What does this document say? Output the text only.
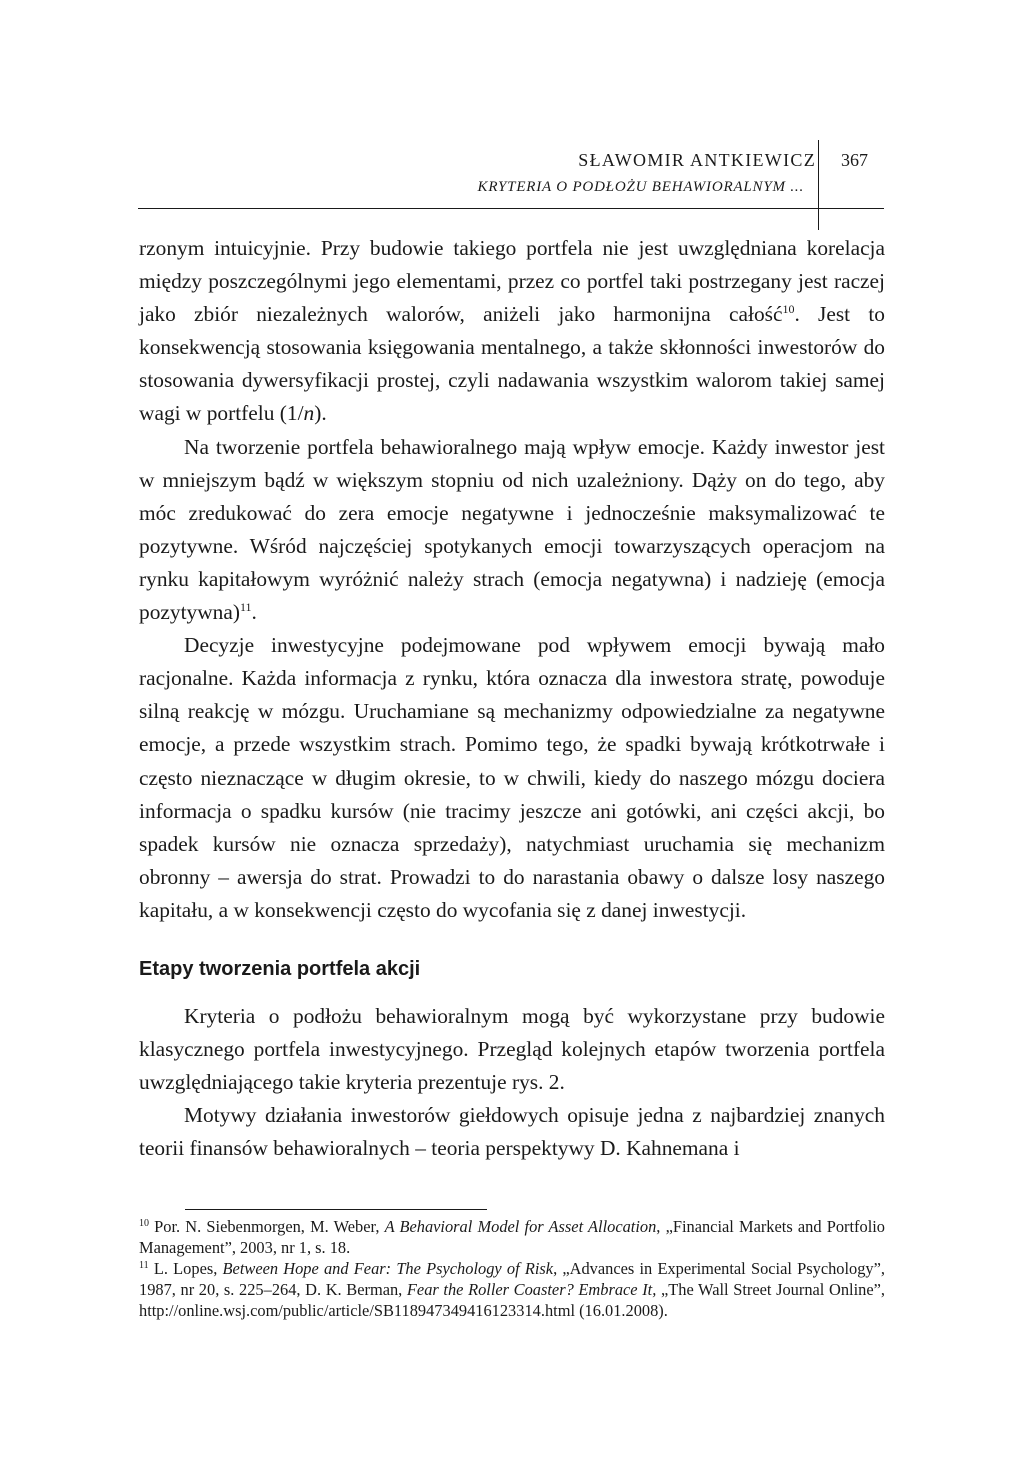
SŁAWOMIR ANTKIEWICZ
KRYTERIA O PODŁOŻU BEHAWIORALNYM ...
367

rzonym intuicyjnie. Przy budowie takiego portfela nie jest uwzględniana korelacja między poszczególnymi jego elementami, przez co portfel taki postrzegany jest raczej jako zbiór niezależnych walorów, aniżeli jako harmonijna całość$^{10}$. Jest to konsekwencją stosowania księgowania mentalnego, a także skłonności inwestorów do stosowania dywersyfikacji prostej, czyli nadawania wszystkim walorom takiej samej wagi w portfelu (1/n).

Na tworzenie portfela behawioralnego mają wpływ emocje. Każdy inwestor jest w mniejszym bądź w większym stopniu od nich uzależniony. Dąży on do tego, aby móc zredukować do zera emocje negatywne i jednocześnie maksymalizować te pozytywne. Wśród najczęściej spotykanych emocji towarzyszących operacjom na rynku kapitałowym wyróżnić należy strach (emocja negatywna) i nadzieję (emocja pozytywna)$^{11}$.

Decyzje inwestycyjne podejmowane pod wpływem emocji bywają mało racjonalne. Każda informacja z rynku, która oznacza dla inwestora stratę, powoduje silną reakcję w mózgu. Uruchamiane są mechanizmy odpowiedzialne za negatywne emocje, a przede wszystkim strach. Pomimo tego, że spadki bywają krótkotrwałe i często nieznaczące w długim okresie, to w chwili, kiedy do naszego mózgu dociera informacja o spadku kursów (nie tracimy jeszcze ani gotówki, ani części akcji, bo spadek kursów nie oznacza sprzedaży), natychmiast uruchamia się mechanizm obronny – awersja do strat. Prowadzi to do narastania obawy o dalsze losy naszego kapitału, a w konsekwencji często do wycofania się z danej inwestycji.

Etapy tworzenia portfela akcji

Kryteria o podłożu behawioralnym mogą być wykorzystane przy budowie klasycznego portfela inwestycyjnego. Przegląd kolejnych etapów tworzenia portfela uwzględniającego takie kryteria prezentuje rys. 2.

Motywy działania inwestorów giełdowych opisuje jedna z najbardziej znanych teorii finansów behawioralnych – teoria perspektywy D. Kahnemana i

$^{10}$ Por. N. Siebenmorgen, M. Weber, A Behavioral Model for Asset Allocation, „Financial Markets and Portfolio Management”, 2003, nr 1, s. 18.

$^{11}$ L. Lopes, Between Hope and Fear: The Psychology of Risk, „Advances in Experimental Social Psychology”, 1987, nr 20, s. 225–264, D. K. Berman, Fear the Roller Coaster? Embrace It, „The Wall Street Journal Online”, http://online.wsj.com/public/article/SB118947349416123314.html (16.01.2008).
